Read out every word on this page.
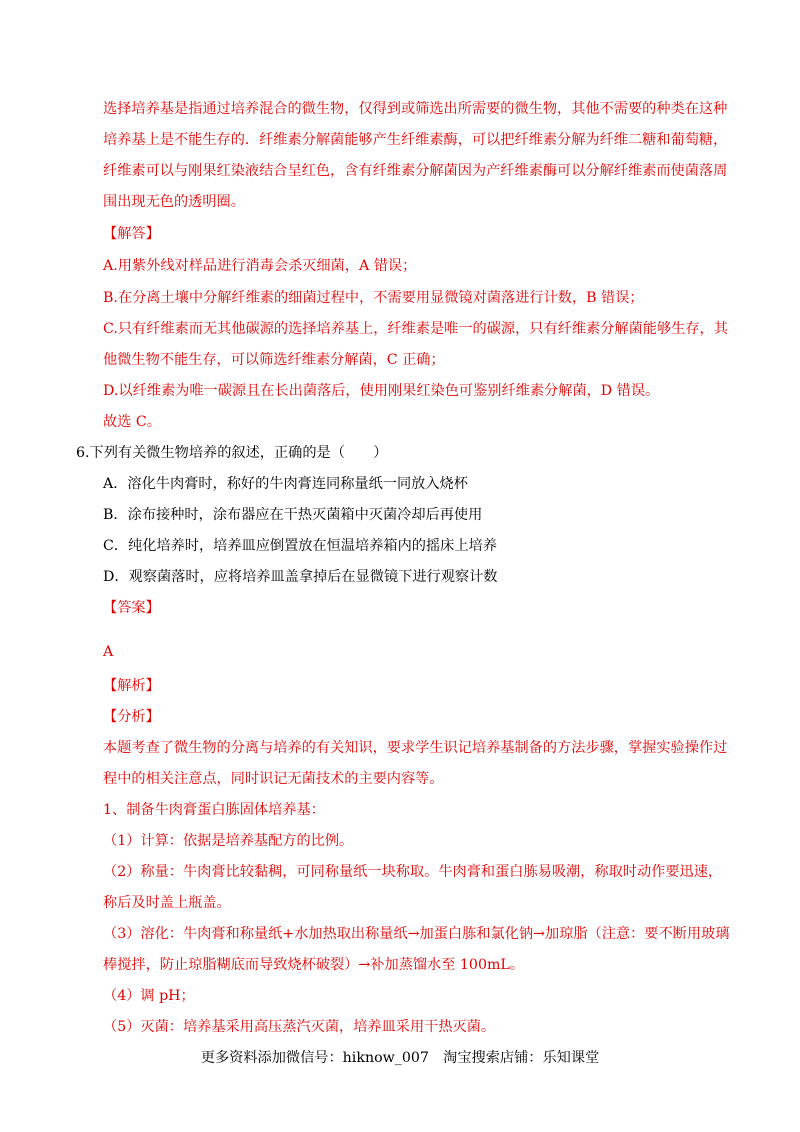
选择培养基是指通过培养混合的微生物，仅得到或筛选出所需要的微生物，其他不需要的种类在这种
培养基上是不能生存的．纤维素分解菌能够产生纤维素酶，可以把纤维素分解为纤维二糖和葡萄糖，
纤维素可以与刚果红染液结合呈红色，含有纤维素分解菌因为产纤维素酶可以分解纤维素而使菌落周
围出现无色的透明圈。
【解答】
A.用紫外线对样品进行消毒会杀灭细菌，A 错误；
B.在分离土壤中分解纤维素的细菌过程中，不需要用显微镜对菌落进行计数，B 错误；
C.只有纤维素而无其他碳源的选择培养基上，纤维素是唯一的碳源，只有纤维素分解菌能够生存，其
他微生物不能生存，可以筛选纤维素分解菌，C 正确；
D.以纤维素为唯一碳源且在长出菌落后，使用刚果红染色可鉴别纤维素分解菌，D 错误。
故选 C。
6.下列有关微生物培养的叙述，正确的是（　　）
A．溶化牛肉膏时，称好的牛肉膏连同称量纸一同放入烧杯
B．涂布接种时，涂布器应在干热灭菌箱中灭菌冷却后再使用
C．纯化培养时，培养皿应倒置放在恒温培养箱内的摇床上培养
D．观察菌落时，应将培养皿盖拿掉后在显微镜下进行观察计数
【答案】
A
【解析】
【分析】
本题考查了微生物的分离与培养的有关知识，要求学生识记培养基制备的方法步骤，掌握实验操作过
程中的相关注意点，同时识记无菌技术的主要内容等。
1、制备牛肉膏蛋白胨固体培养基：
（1）计算：依据是培养基配方的比例。
（2）称量：牛肉膏比较黏稠，可同称量纸一块称取。牛肉膏和蛋白胨易吸潮，称取时动作要迅速，
称后及时盖上瓶盖。
（3）溶化：牛肉膏和称量纸+水加热取出称量纸→加蛋白胨和氯化钠→加琼脂（注意：要不断用玻璃
棒搅拌，防止琼脂糊底而导致烧杯破裂）→补加蒸馏水至 100mL。
（4）调 pH；
（5）灭菌：培养基采用高压蒸汽灭菌，培养皿采用干热灭菌。
更多资料添加微信号：hiknow_007　淘宝搜索店铺：乐知课堂
